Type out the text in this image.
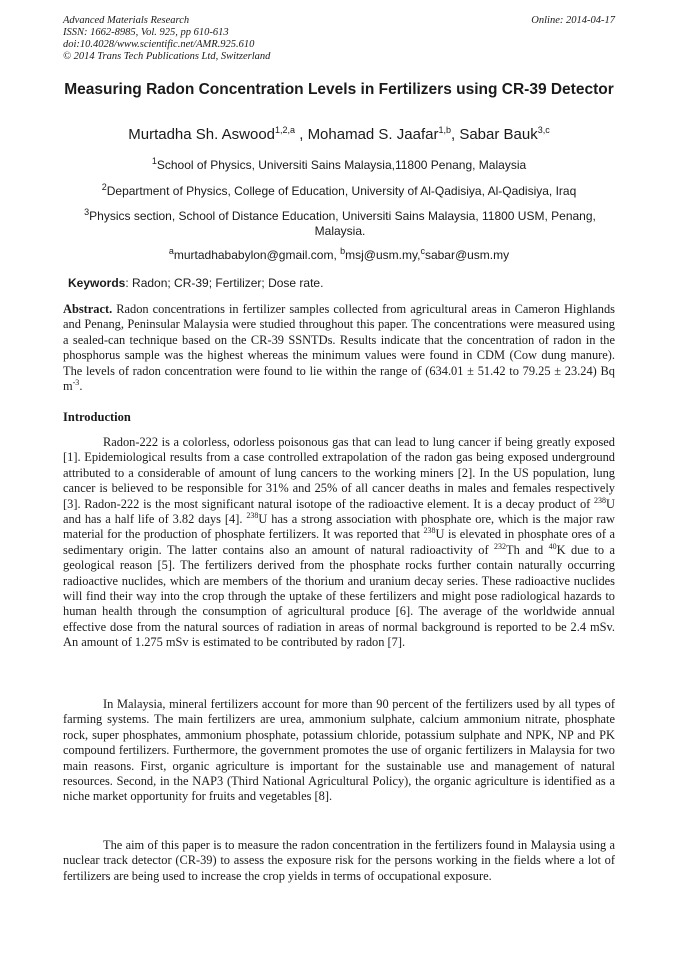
Advanced Materials Research
ISSN: 1662-8985, Vol. 925, pp 610-613
doi:10.4028/www.scientific.net/AMR.925.610
© 2014 Trans Tech Publications Ltd, Switzerland
Online: 2014-04-17
Measuring Radon Concentration Levels in Fertilizers using CR-39 Detector
Murtadha Sh. Aswood$^{1,2,a}$ , Mohamad S. Jaafar$^{1,b}$, Sabar Bauk$^{3,c}$
$^1$School of Physics, Universiti Sains Malaysia,11800 Penang, Malaysia
$^2$Department of Physics, College of Education, University of Al-Qadisiya, Al-Qadisiya, Iraq
$^3$Physics section, School of Distance Education, Universiti Sains Malaysia, 11800 USM, Penang, Malaysia.
$^a$murtadhababylon@gmail.com, $^b$msj@usm.my,$^c$sabar@usm.my
Keywords: Radon; CR-39; Fertilizer; Dose rate.
Abstract. Radon concentrations in fertilizer samples collected from agricultural areas in Cameron Highlands and Penang, Peninsular Malaysia were studied throughout this paper. The concentrations were measured using a sealed-can technique based on the CR-39 SSNTDs. Results indicate that the concentration of radon in the phosphorus sample was the highest whereas the minimum values were found in CDM (Cow dung manure). The levels of radon concentration were found to lie within the range of (634.01 ± 51.42 to 79.25 ± 23.24) Bq $m^{-3}$.
Introduction
Radon-222 is a colorless, odorless poisonous gas that can lead to lung cancer if being greatly exposed [1]. Epidemiological results from a case controlled extrapolation of the radon gas being exposed underground attributed to a considerable of amount of lung cancers to the working miners [2]. In the US population, lung cancer is believed to be responsible for 31% and 25% of all cancer deaths in males and females respectively [3]. Radon-222 is the most significant natural isotope of the radioactive element. It is a decay product of $^{238}$U and has a half life of 3.82 days [4]. $^{238}$U has a strong association with phosphate ore, which is the major raw material for the production of phosphate fertilizers. It was reported that $^{238}$U is elevated in phosphate ores of a sedimentary origin. The latter contains also an amount of natural radioactivity of $^{232}$Th and $^{40}$K due to a geological reason [5]. The fertilizers derived from the phosphate rocks further contain naturally occurring radioactive nuclides, which are members of the thorium and uranium decay series. These radioactive nuclides will find their way into the crop through the uptake of these fertilizers and might pose radiological hazards to human health through the consumption of agricultural produce [6]. The average of the worldwide annual effective dose from the natural sources of radiation in areas of normal background is reported to be 2.4 mSv. An amount of 1.275 mSv is estimated to be contributed by radon [7].
In Malaysia, mineral fertilizers account for more than 90 percent of the fertilizers used by all types of farming systems. The main fertilizers are urea, ammonium sulphate, calcium ammonium nitrate, phosphate rock, super phosphates, ammonium phosphate, potassium chloride, potassium sulphate and NPK, NP and PK compound fertilizers. Furthermore, the government promotes the use of organic fertilizers in Malaysia for two main reasons. First, organic agriculture is important for the sustainable use and management of natural resources. Second, in the NAP3 (Third National Agricultural Policy), the organic agriculture is identified as a niche market opportunity for fruits and vegetables [8].
The aim of this paper is to measure the radon concentration in the fertilizers found in Malaysia using a nuclear track detector (CR-39) to assess the exposure risk for the persons working in the fields where a lot of fertilizers are being used to increase the crop yields in terms of occupational exposure.
